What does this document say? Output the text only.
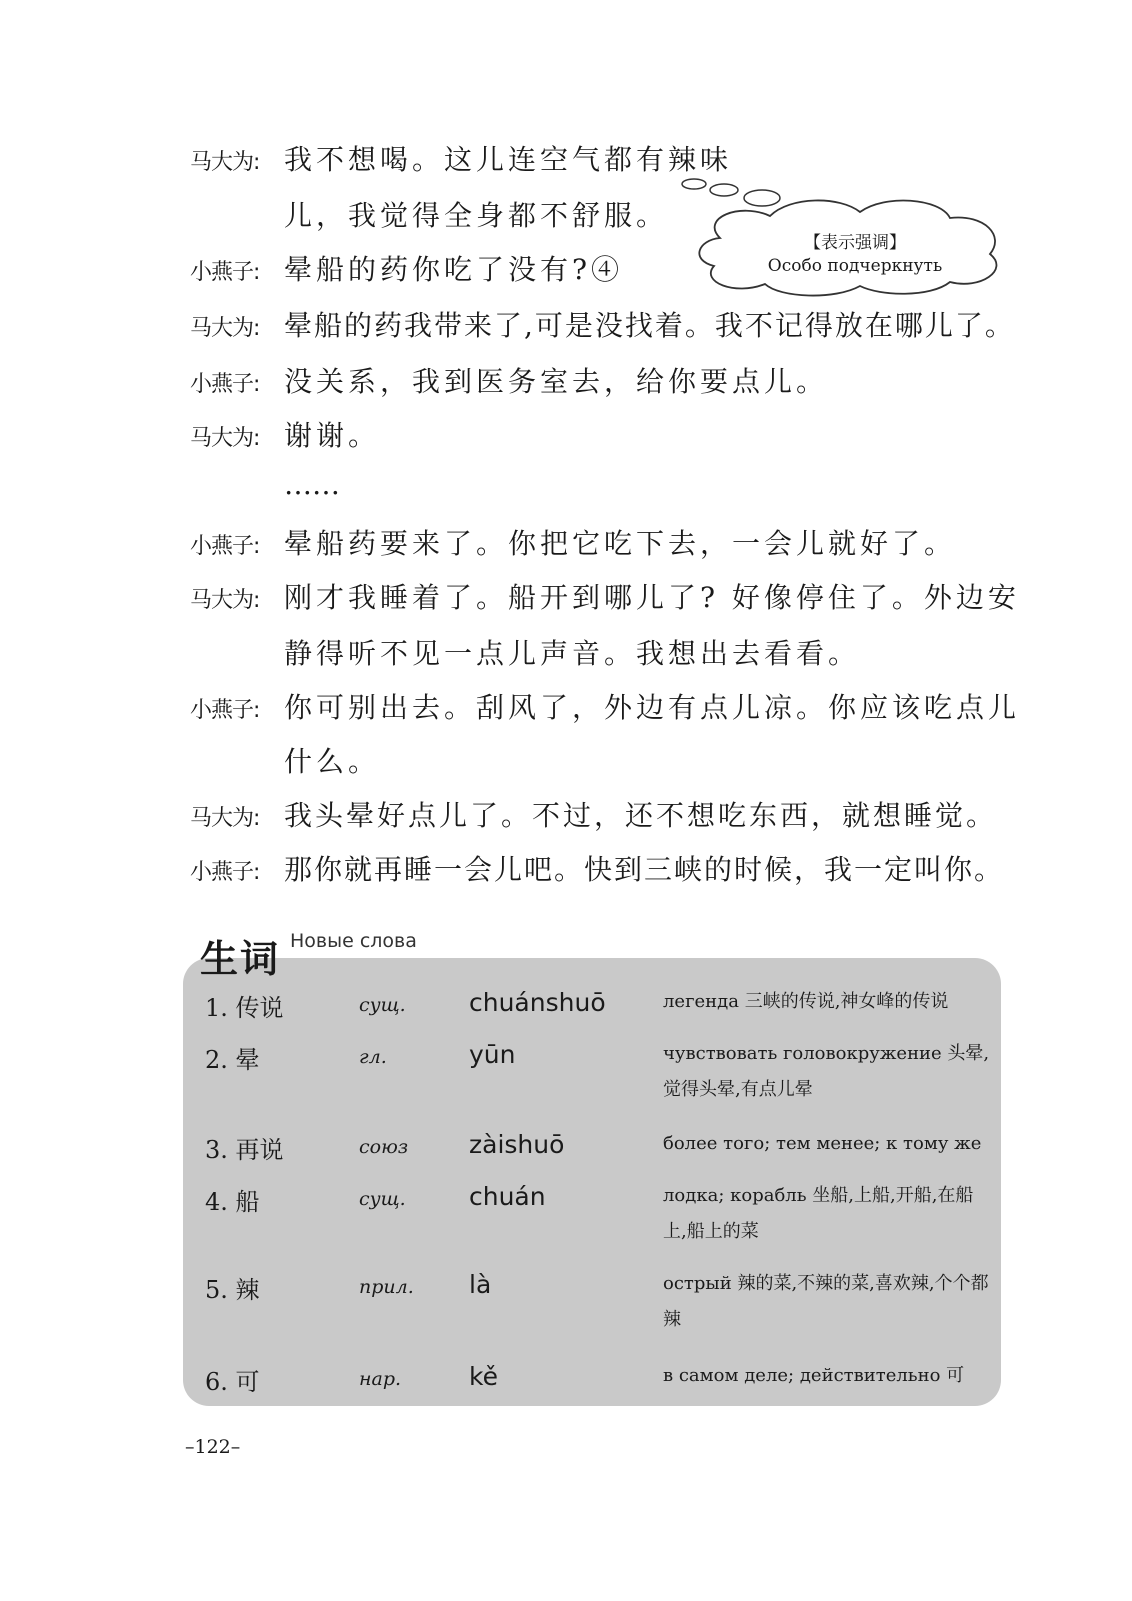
马大为: 我不想喝。这儿连空气都有辣味
儿，我觉得全身都不舒服。
小燕子: 晕船的药你吃了没有?④
马大为: 晕船的药我带来了,可是没找着。我不记得放在哪儿了。
小燕子: 没关系，我到医务室去，给你要点儿。
马大为: 谢谢。
……
小燕子: 晕船药要来了。你把它吃下去，一会儿就好了。
马大为: 刚才我睡着了。船开到哪儿了? 好像停住了。外边安
静得听不见一点儿声音。我想出去看看。
小燕子: 你可别出去。刮风了，外边有点儿凉。你应该吃点儿
什么。
马大为: 我头晕好点儿了。不过，还不想吃东西，就想睡觉。
小燕子: 那你就再睡一会儿吧。快到三峡的时候，我一定叫你。
【表示强调】
Особо подчеркнуть
1. 传说	сущ.	chuánshuō	легенда 三峡的传说,神女峰的传说
2. 晕	гл.	yūn	чувствовать головокружение 头晕,觉得头晕,有点儿晕
3. 再说	союз zàishuō	более того; тем менее; к тому же
4. 船	сущ.	chuán	лодка; корабль 坐船,上船,开船,在船上,船上的菜
5. 辣	прил. là	острый 辣的菜,不辣的菜,喜欢辣,个个都辣
6. 可	нар.	kě	в самом деле; действительно 可
生词 Новые слова
–122–
